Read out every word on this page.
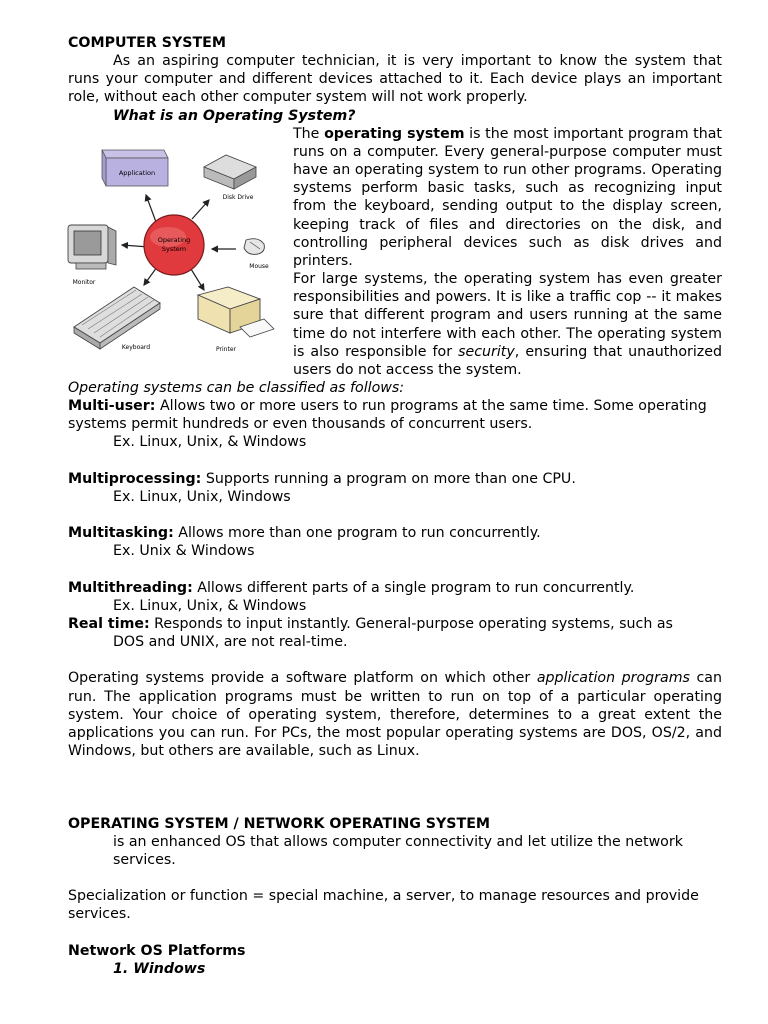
COMPUTER SYSTEM

As an aspiring computer technician, it is very important to know the system that runs your computer and different devices attached to it. Each device plays an important role, without each other computer system will not work properly.

What is an Operating System?

Application
Disk Drive
Operating
System
Monitor
Mouse
Keyboard	Printer

The operating system is the most important program that runs on a computer. Every general-purpose computer must have an operating system to run other programs. Operating systems perform basic tasks, such as recognizing input from the keyboard, sending output to the display screen, keeping track of files and directories on the disk, and controlling peripheral devices such as disk drives and printers.

For large systems, the operating system has even greater responsibilities and powers. It is like a traffic cop -- it makes sure that different program and users running at the same time do not interfere with each other. The operating system is also responsible for security, ensuring that unauthorized users do not access the system.

Operating systems can be classified as follows:

Multi-user: Allows two or more users to run programs at the same time. Some operating systems permit hundreds or even thousands of concurrent users.

Ex. Linux, Unix, & Windows

Multiprocessing: Supports running a program on more than one CPU.

Ex. Linux, Unix, Windows

Multitasking: Allows more than one program to run concurrently.

Ex. Unix & Windows

Multithreading: Allows different parts of a single program to run concurrently.

Ex. Linux, Unix, & Windows

Real time: Responds to input instantly. General-purpose operating systems, such as

DOS and UNIX, are not real-time.

Operating systems provide a software platform on which other application programs can run. The application programs must be written to run on top of a particular operating system. Your choice of operating system, therefore, determines to a great extent the applications you can run. For PCs, the most popular operating systems are DOS, OS/2, and Windows, but others are available, such as Linux.

OPERATING SYSTEM / NETWORK OPERATING SYSTEM

is an enhanced OS that allows computer connectivity and let utilize the network services.

Specialization or function = special machine, a server, to manage resources and provide services.

Network OS Platforms

1. Windows
